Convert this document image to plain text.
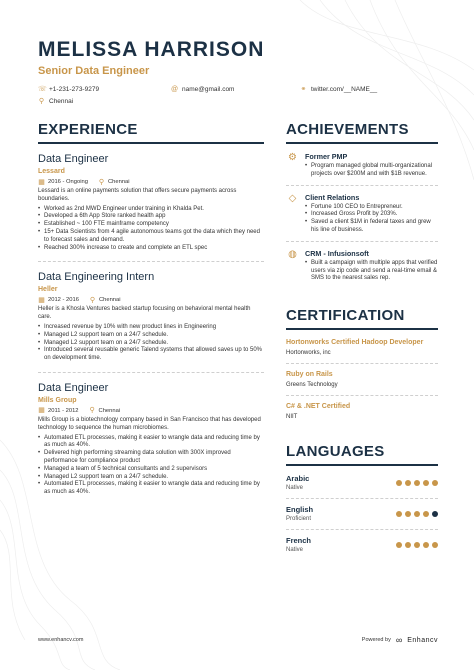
MELISSA HARRISON
Senior Data Engineer
☏ +1-231-273-9279	@ name@gmail.com	⚭ twitter.com/__NAME__
⚲ Chennai
EXPERIENCE
Data Engineer
Lessard
▦ 2016 - Ongoing ⚲ Chennai
Lessard is an online payments solution that offers secure payments across boundaries.
• Worked as 2nd MWD Engineer under training in Khalda Pet.
• Developed a 6th App Store ranked health app
• Established ~ 100 FTE mainframe competency
• 15+ Data Scientists from 4 agile autonomous teams got the data which they need to forecast sales and demand.
• Reached 300% increase to create and complete an ETL spec
Data Engineering Intern
Heller
▦ 2012 - 2016 ⚲ Chennai
Heller is a Khosla Ventures backed startup focusing on behavioral mental health care.
• Increased revenue by 10% with new product lines in Engineering
• Managed L2 support team on a 24/7 schedule.
• Managed L2 support team on a 24/7 schedule.
• Introduced several reusable generic Talend systems that allowed saves up to 50% on development time.
Data Engineer
Mills Group
▦ 2011 - 2012 ⚲ Chennai
Mills Group is a biotechnology company based in San Francisco that has developed technology to sequence the human microbiomes.
• Automated ETL processes, making it easier to wrangle data and reducing time by as much as 40%.
• Delivered high performing streaming data solution with 300X improved performance for compliance product
• Managed a team of 5 technical consultants and 2 supervisors
• Managed L2 support team on a 24/7 schedule.
• Automated ETL processes, making it easier to wrangle data and reducing time by as much as 40%.
ACHIEVEMENTS
⚙ Former PMP
• Program managed global multi-organizational projects over $200M and with $1B revenue.
◇	Client Relations
• Fortune 100 CEO to Entrepreneur.
• Increased Gross Profit by 203%.
• Saved a client $1M in federal taxes and grew his line of business.
◍ CRM - Infusionsoft
• Built a campaign with multiple apps that verified users via zip code and send a real-time email & SMS to the nearest sales rep.
CERTIFICATION
Hortonworks Certified Hadoop Developer
Hortonworks, inc
Ruby on Rails
Greens Technology
C# & .NET Certified
NIIT
LANGUAGES
Arabic
Native
English
Proficient
French
Native
www.enhancv.com	Powered by ∞ Enhancv
